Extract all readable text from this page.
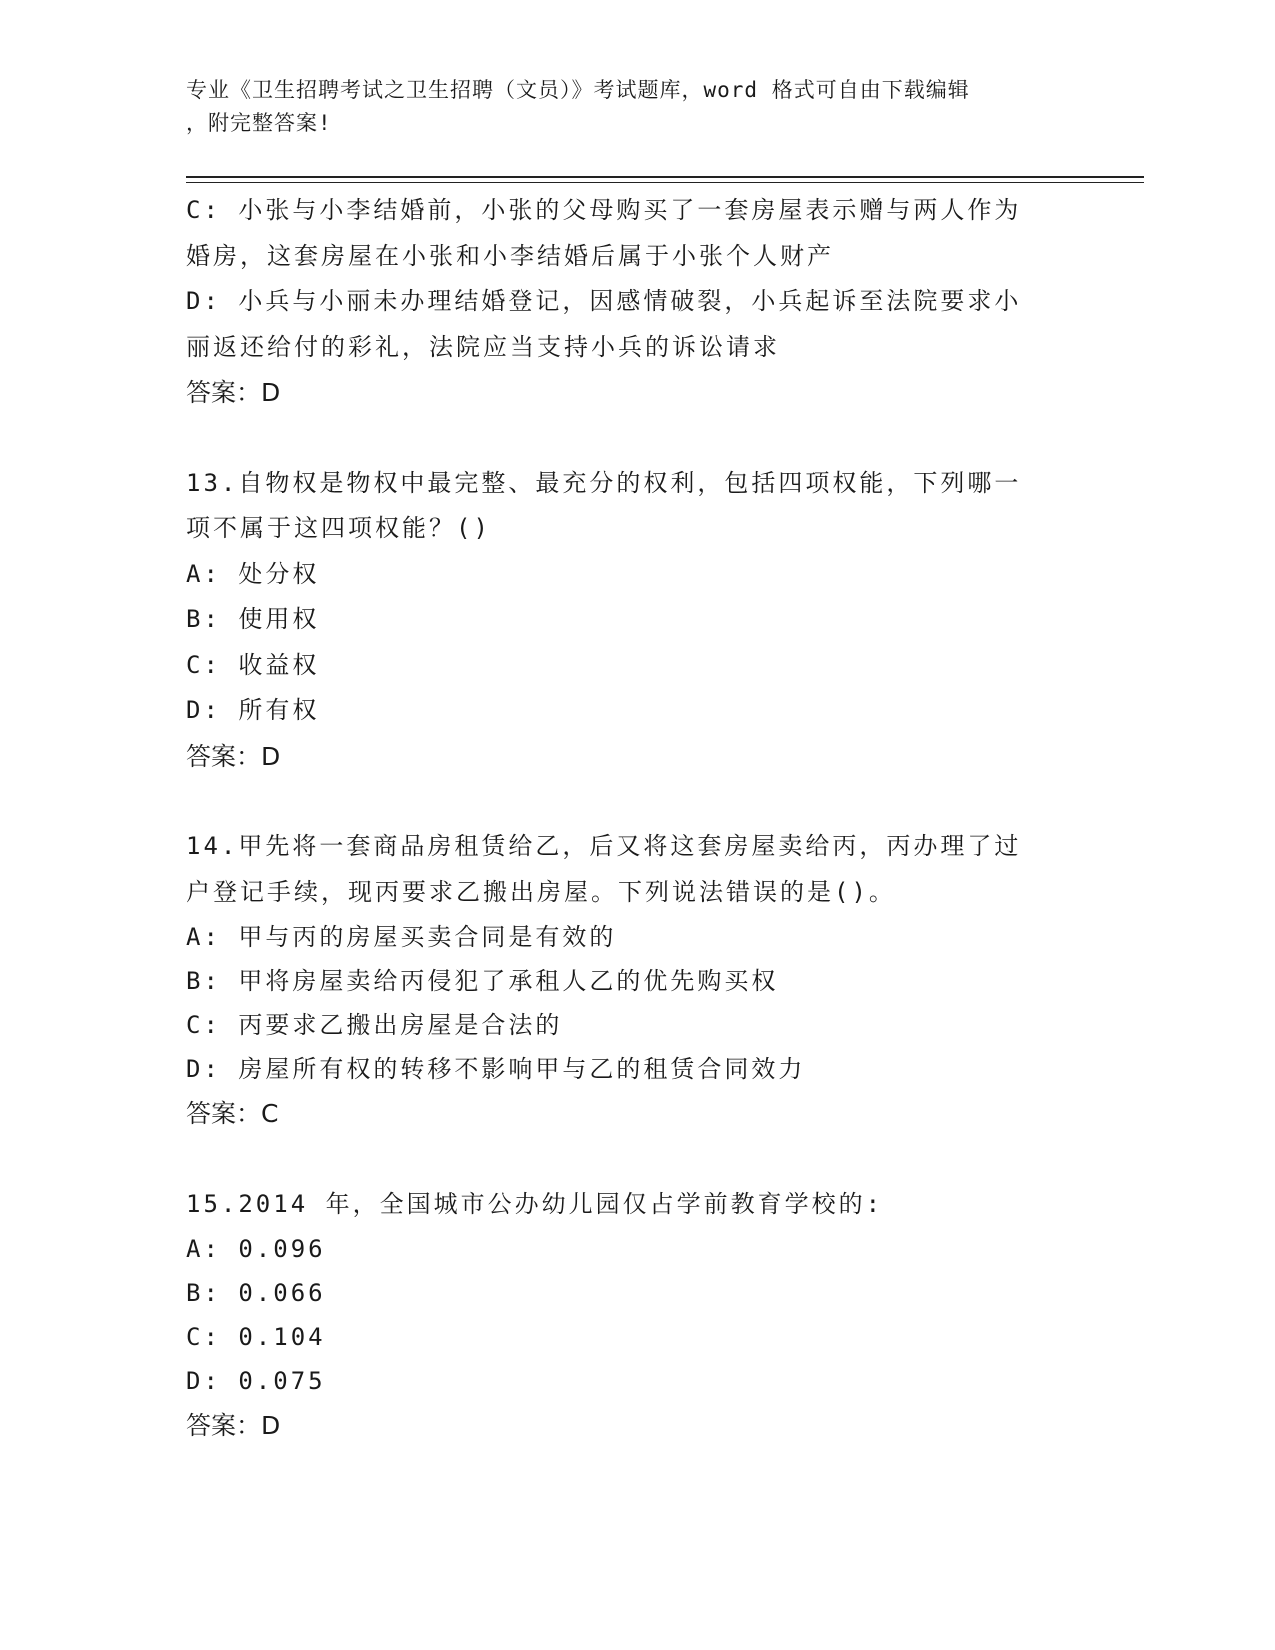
专业《卫生招聘考试之卫生招聘（文员）》考试题库，word 格式可自由下载编辑
，附完整答案!
C: 小张与小李结婚前，小张的父母购买了一套房屋表示赠与两人作为
婚房，这套房屋在小张和小李结婚后属于小张个人财产
D: 小兵与小丽未办理结婚登记，因感情破裂，小兵起诉至法院要求小
丽返还给付的彩礼，法院应当支持小兵的诉讼请求
答案：D
13.自物权是物权中最完整、最充分的权利，包括四项权能，下列哪一
项不属于这四项权能？()
A: 处分权
B: 使用权
C: 收益权
D: 所有权
答案：D
14.甲先将一套商品房租赁给乙，后又将这套房屋卖给丙，丙办理了过
户登记手续，现丙要求乙搬出房屋。下列说法错误的是()。
A: 甲与丙的房屋买卖合同是有效的
B: 甲将房屋卖给丙侵犯了承租人乙的优先购买权
C: 丙要求乙搬出房屋是合法的
D: 房屋所有权的转移不影响甲与乙的租赁合同效力
答案：C
15.2014 年，全国城市公办幼儿园仅占学前教育学校的:
A: 0.096
B: 0.066
C: 0.104
D: 0.075
答案：D
